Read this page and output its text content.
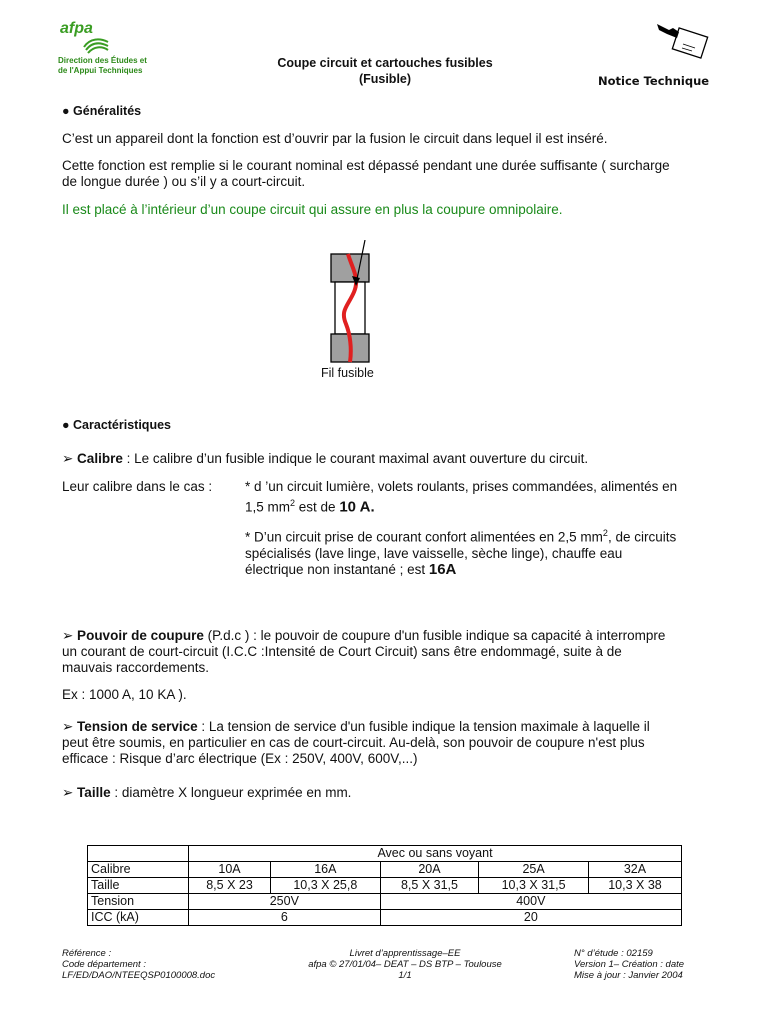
afpa
Direction des Études et
de l'Appui Techniques
Coupe circuit et cartouches fusibles
(Fusible)	Notice Technique
● Généralités
C’est un appareil dont la fonction est d’ouvrir par la fusion le circuit dans lequel il est inséré.
Cette fonction est remplie si le courant nominal est dépassé pendant une durée suffisante ( surcharge
de longue durée ) ou s’il y a court-circuit.
Il est placé à l’intérieur d’un coupe circuit qui assure en plus la coupure omnipolaire.
Fil fusible
● Caractéristiques
➢ Calibre : Le calibre d’un fusible indique le courant maximal avant ouverture du circuit.
Leur calibre dans le cas : * d ’un circuit lumière, volets roulants, prises commandées, alimentés en
1,5 $mm^2$ est de 10 A.
* D’un circuit prise de courant confort alimentées en 2,5 $mm^2$, de circuits
spécialisés (lave linge, lave vaisselle, sèche linge), chauffe eau
électrique non instantané ; est 16A
➢ Pouvoir de coupure (P.d.c ) : le pouvoir de coupure d'un fusible indique sa capacité à interrompre
un courant de court-circuit (I.C.C :Intensité de Court Circuit) sans être endommagé, suite à de
mauvais raccordements.
Ex : 1000 A, 10 KA ).
➢ Tension de service : La tension de service d'un fusible indique la tension maximale à laquelle il
peut être soumis, en particulier en cas de court-circuit. Au-delà, son pouvoir de coupure n'est plus
efficace : Risque d’arc électrique (Ex : 250V, 400V, 600V,...)
➢ Taille : diamètre X longueur exprimée en mm.
	Avec ou sans voyant				
Calibre	10A	16A	20A	25A	32A
Taille	8,5 X 23	10,3 X 25,8	8,5 X 31,5	10,3 X 31,5	10,3 X 38
Tension	250V		400V		
ICC (kA)	6		20		
Référence :
Code département :
LF/ED/DAO/NTEEQSP0100008.doc
Livret d’apprentissage–EE
afpa © 27/01/04– DEAT – DS BTP – Toulouse
1/1
N° d’étude : 02159
Version 1– Création : date
Mise à jour : Janvier 2004
